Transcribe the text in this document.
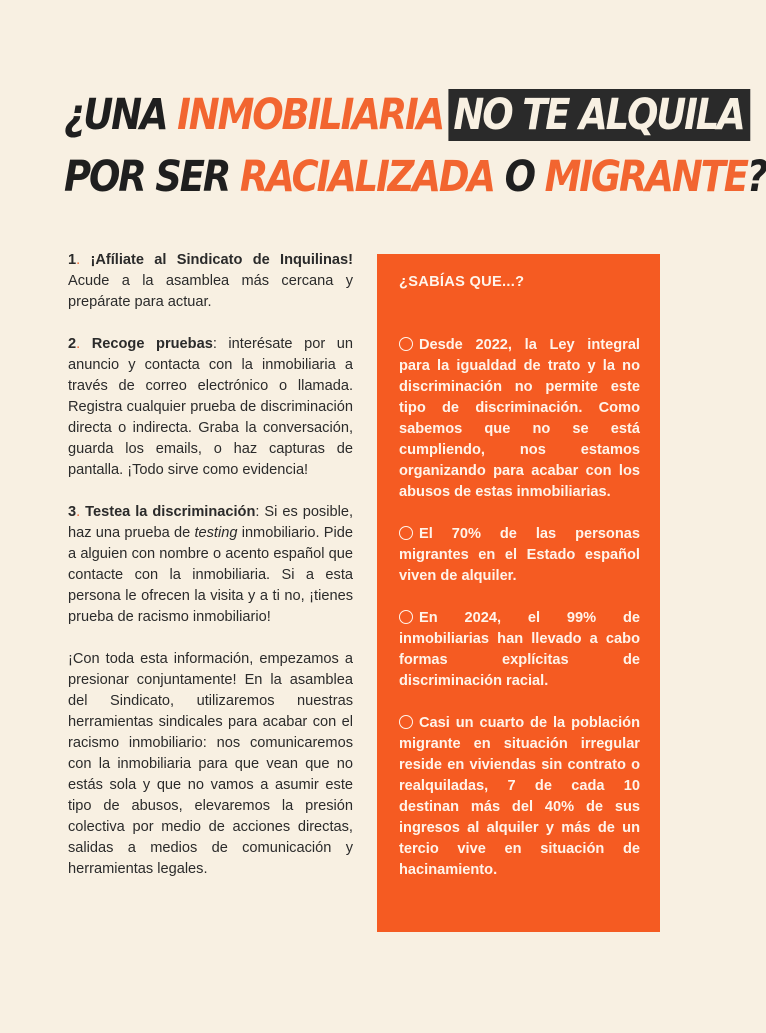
¿UNA INMOBILIARIA NO TE ALQUILA
POR SER RACIALIZADA O MIGRANTE?

1. ¡Afíliate al Sindicato de Inquilinas! Acude a la asamblea más cercana y prepárate para actuar.

2. Recoge pruebas: interésate por un anuncio y contacta con la inmobiliaria a través de correo electrónico o llamada. Registra cualquier prueba de discriminación directa o indirecta. Graba la conversación, guarda los emails, o haz capturas de pantalla. ¡Todo sirve como evidencia!

3. Testea la discriminación: Si es posible, haz una prueba de testing inmobiliario. Pide a alguien con nombre o acento español que contacte con la inmobiliaria. Si a esta persona le ofrecen la visita y a ti no, ¡tienes prueba de racismo inmobiliario!

¡Con toda esta información, empezamos a presionar conjuntamente! En la asamblea del Sindicato, utilizaremos nuestras herramientas sindicales para acabar con el racismo inmobiliario: nos comunicaremos con la inmobiliaria para que vean que no estás sola y que no vamos a asumir este tipo de abusos, elevaremos la presión colectiva por medio de acciones directas, salidas a medios de comunicación y herramientas legales.

¿SABÍAS QUE...?

Desde 2022, la Ley integral para la igualdad de trato y la no discriminación no permite este tipo de discriminación. Como sabemos que no se está cumpliendo, nos estamos organizando para acabar con los abusos de estas inmobiliarias.

El 70% de las personas migrantes en el Estado español viven de alquiler.

En 2024, el 99% de inmobiliarias han llevado a cabo formas explícitas de discriminación racial.

Casi un cuarto de la población migrante en situación irregular reside en viviendas sin contrato o realquiladas, 7 de cada 10 destinan más del 40% de sus ingresos al alquiler y más de un tercio vive en situación de hacinamiento.
